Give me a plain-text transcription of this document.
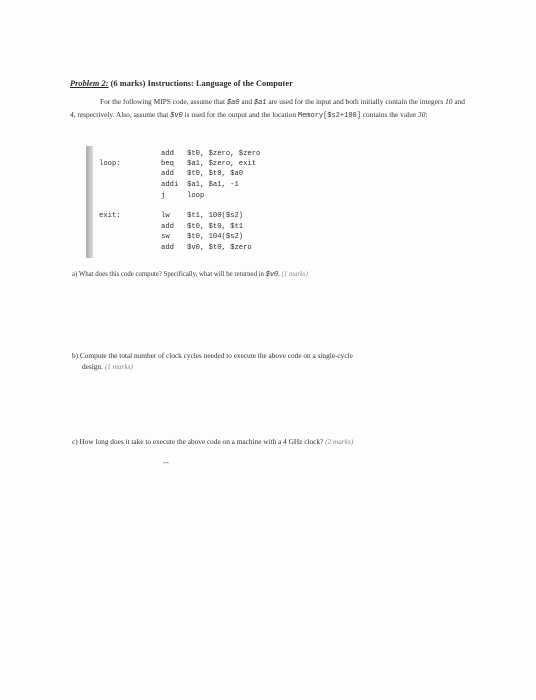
Problem 2: (6 marks) Instructions: Language of the Computer
For the following MIPS code, assume that $a0 and $a1 are used for the input and both initially contain the integers 10 and 4, respectively. Also, assume that $v0 is used for the output and the location Memory[$s2+100] contains the value 30:
loop:
exit:
add $t0, $zero, $zero
beq $a1, $zero, exit
add $t0, $t0, $a0
addi $a1, $a1, -1
j	loop
lw $t1, 100($s2)
add $t0, $t0, $t1
sw $t0, 104($s2)
add $v0, $t0, $zero
a) What does this code compute? Specifically, what will be returned in $v0. (1 marks)
b) Compute the total number of clock cycles needed to execute the above code on a single-cycle
design. (1 marks)
c) How long does it take to execute the above code on a machine with a 4 GHz clock? (2 marks)
--
